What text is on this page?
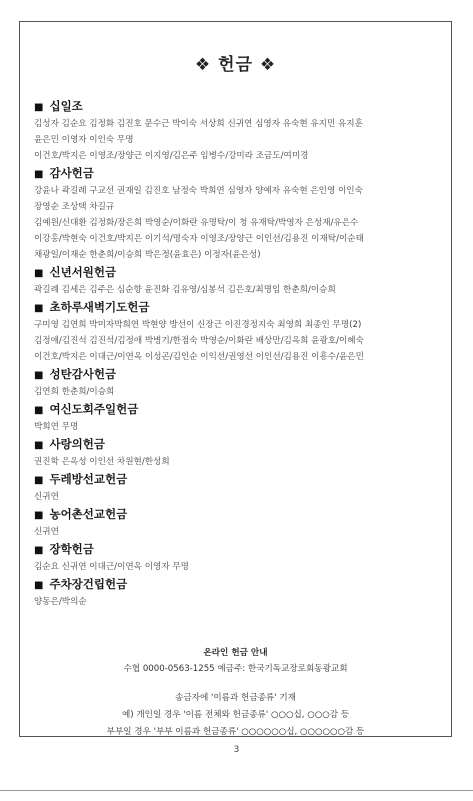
❖ 헌금 ❖
■ 십일조
김성자 김순요 김정화 김진호 문수근 박이숙 서상희 신귀연 심영자 유숙현 유지민 유지훈
윤은민 이영자 이인숙 무명
이건호/박지은 이영조/장양근 이지영/김은주 임병수/강미라 조금도/여미경
■ 감사헌금
강윤나 곽길례 구교선 권재일 김진호 남정숙 박희연 심영자 양예자 유숙현 은인영 이인숙
장영순 조상택 차길규
김예원/신대환 김정화/장은희 박영순/이화란 유명탁/이 청 유재탁/박영자 은성재/유은수
이강홍/박현숙 이건호/박지은 이기석/명숙자 이영조/장양근 이인선/김용진 이재탁/이순태
채광일/이재순 한춘희/이승희 박은정(윤효은) 이정자(윤은성)
■ 신년서원헌금
곽길례 김세은 김주은 심순향 윤진화 김유영/심봉석 김은호/최명임 한춘희/이승희
■ 초하루새벽기도헌금
구미영 김연희 박미자박희연 박현양 방선이 신장근 이진경정지숙 최영희 최종인 무명(2)
김정애/김진석 김진석/김정애 박병기/한점숙 박영순/이화란 배상만/김옥희 윤광호/이혜숙
이건호/박지은 이대근/이연옥 이성곤/김인순 이익선/권영선 이인선/김용진 이흥수/윤은민
■ 성탄감사헌금
김연희 한춘희/이승희
■ 여신도회주일헌금
박희연 무명
■ 사랑의헌금
권진학 은옥성 이인선 차원현/한성희
■ 두레방선교헌금
신귀연
■ 농어촌선교헌금
신귀연
■ 장학헌금
김순요 신귀연 이대근/이연옥 이영자 무명
■ 주차장건립헌금
양동은/박의순
온라인 헌금 안내
수협 0000-0563-1255 예금주: 한국기독교장로회동광교회
송금자에 '이름과 헌금종류' 기재
예) 개인일 경우 '이름 전체와 헌금종류' ○○○십, ○○○감 등
부부일 경우 '부부 이름과 헌금종류' ○○○○○○십, ○○○○○○감 등
3
